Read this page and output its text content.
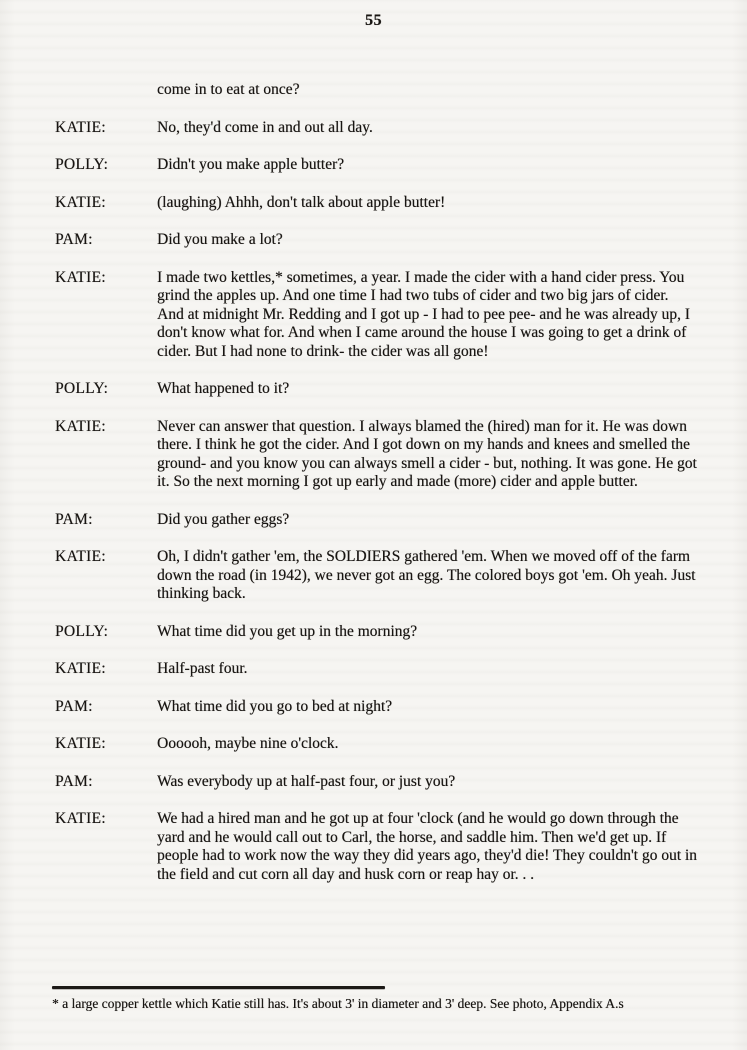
55
come in to eat at once?
KATIE:	No, they'd come in and out all day.
POLLY:	Didn't you make apple butter?
KATIE:	(laughing) Ahhh, don't talk about apple butter!
PAM:	Did you make a lot?
KATIE:	I made two kettles,* sometimes, a year. I made the cider with a hand cider press. You grind the apples up. And one time I had two tubs of cider and two big jars of cider. And at midnight Mr. Redding and I got up - I had to pee pee- and he was already up, I don't know what for. And when I came around the house I was going to get a drink of cider. But I had none to drink- the cider was all gone!
POLLY:	What happened to it?
KATIE:	Never can answer that question. I always blamed the (hired) man for it. He was down there. I think he got the cider. And I got down on my hands and knees and smelled the ground- and you know you can always smell a cider - but, nothing. It was gone. He got it. So the next morning I got up early and made (more) cider and apple butter.
PAM:	Did you gather eggs?
KATIE:	Oh, I didn't gather 'em, the SOLDIERS gathered 'em. When we moved off of the farm down the road (in 1942), we never got an egg. The colored boys got 'em. Oh yeah. Just thinking back.
POLLY:	What time did you get up in the morning?
KATIE:	Half-past four.
PAM:	What time did you go to bed at night?
KATIE:	Oooooh, maybe nine o'clock.
PAM:	Was everybody up at half-past four, or just you?
KATIE:	We had a hired man and he got up at four 'clock (and he would go down through the yard and he would call out to Carl, the horse, and saddle him. Then we'd get up. If people had to work now the way they did years ago, they'd die! They couldn't go out in the field and cut corn all day and husk corn or reap hay or. . .
* a large copper kettle which Katie still has. It's about 3' in diameter and 3' deep. See photo, Appendix A.s
